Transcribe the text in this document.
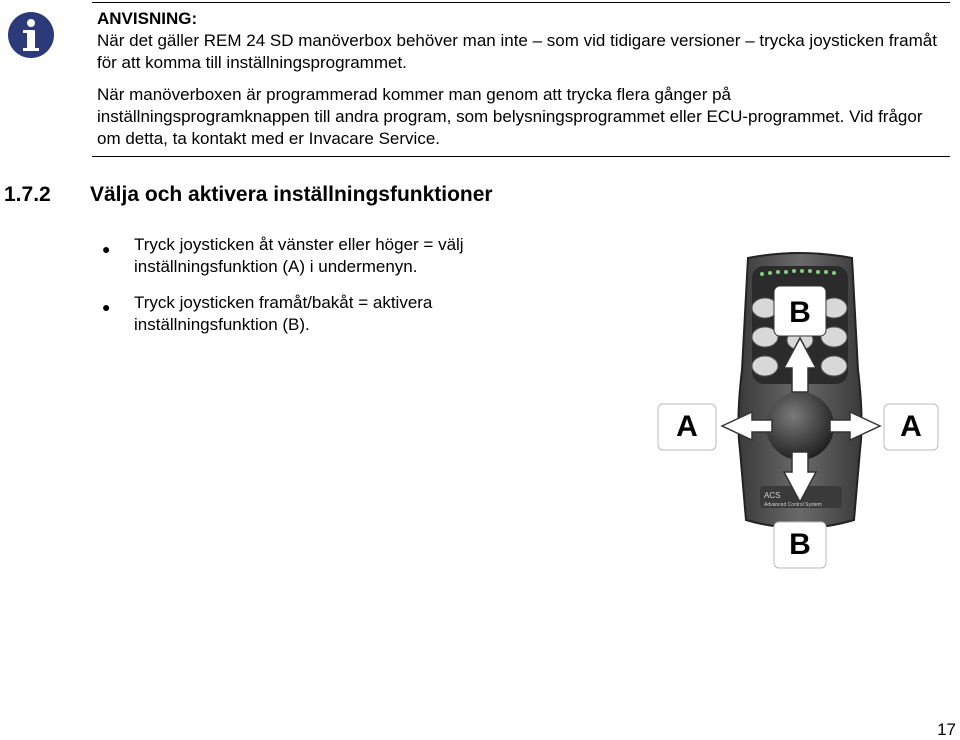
ANVISNING:

När det gäller REM 24 SD manöverbox behöver man inte – som vid tidigare versioner – trycka joysticken framåt för att komma till inställningsprogrammet.

När manöverboxen är programmerad kommer man genom att trycka flera gånger på inställningsprogramknappen till andra program, som belysningsprogrammet eller ECU-programmet. Vid frågor om detta, ta kontakt med er Invacare Service.

1.7.2 Välja och aktivera inställningsfunktioner
● Tryck joysticken åt vänster eller höger = välj inställningsfunktion (A) i undermenyn.
● Tryck joysticken framåt/bakåt = aktivera inställningsfunktion (B).
ACS
Advanced Control System
B
A	A
B
17
